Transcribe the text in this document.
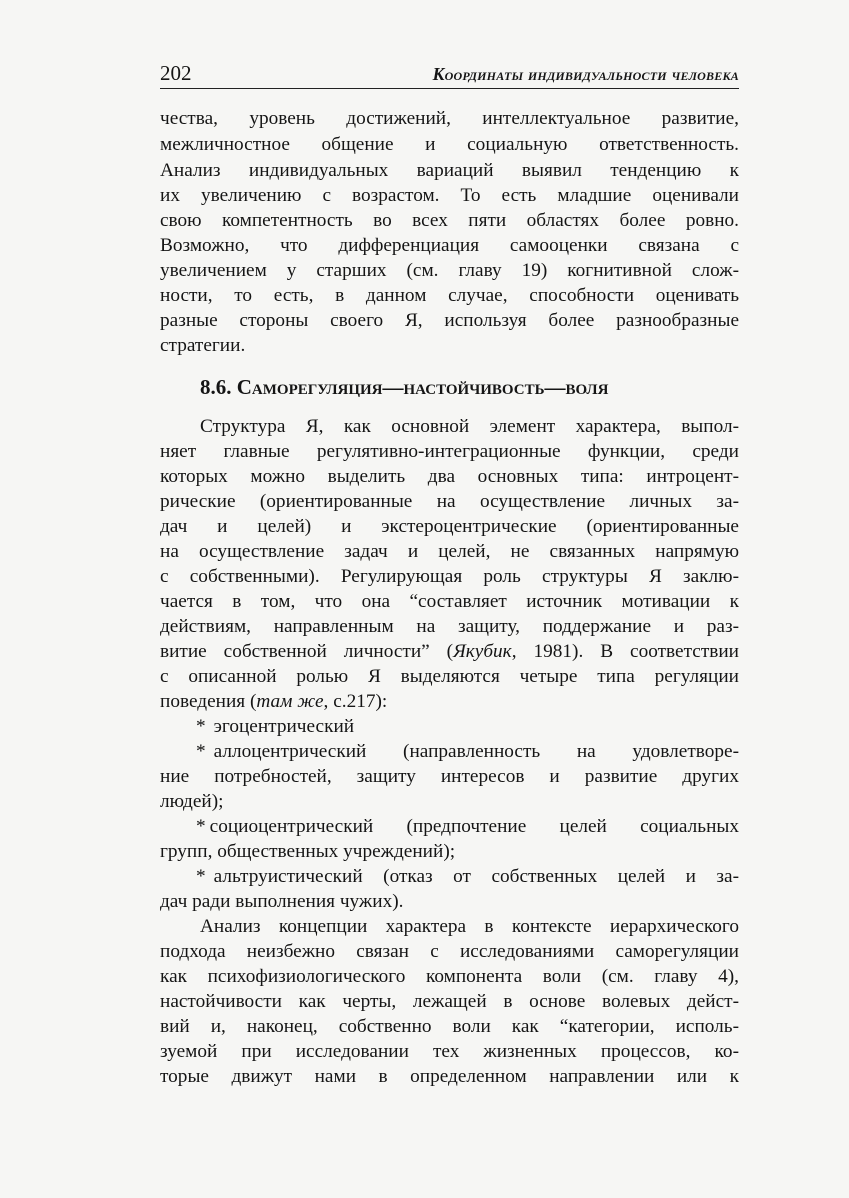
202	Координаты индивидуальности человека
чества, уровень достижений, интеллектуальное развитие,
межличностное общение и социальную ответственность.
Анализ индивидуальных вариаций выявил тенденцию к
их увеличению с возрастом. То есть младшие оценивали
свою компетентность во всех пяти областях более ровно.
Возможно, что дифференциация самооценки связана с
увеличением у старших (см. главу 19) когнитивной слож-
ности, то есть, в данном случае, способности оценивать
разные стороны своего Я, используя более разнообразные
стратегии.
8.6. Саморегуляция—настойчивость—воля
Структура Я, как основной элемент характера, выпол-
няет главные регулятивно-интеграционные функции, среди
которых можно выделить два основных типа: интроцент-
рические (ориентированные на осуществление личных за-
дач и целей) и экстероцентрические (ориентированные
на осуществление задач и целей, не связанных напрямую
с собственными). Регулирующая роль структуры Я заклю-
чается в том, что она “составляет источник мотивации к
действиям, направленным на защиту, поддержание и раз-
витие собственной личности” (Якубик, 1981). В соответствии
с описанной ролью Я выделяются четыре типа регуляции
поведения (там же, с.217):
* эгоцентрический
* аллоцентрический (направленность на удовлетворе-
ние потребностей, защиту интересов и развитие других
людей);
* социоцентрический (предпочтение целей социальных
групп, общественных учреждений);
* альтруистический (отказ от собственных целей и за-
дач ради выполнения чужих).
Анализ концепции характера в контексте иерархического
подхода неизбежно связан с исследованиями саморегуляции
как психофизиологического компонента воли (см. главу 4),
настойчивости как черты, лежащей в основе волевых дейст-
вий и, наконец, собственно воли как “категории, исполь-
зуемой при исследовании тех жизненных процессов, ко-
торые движут нами в определенном направлении или к
